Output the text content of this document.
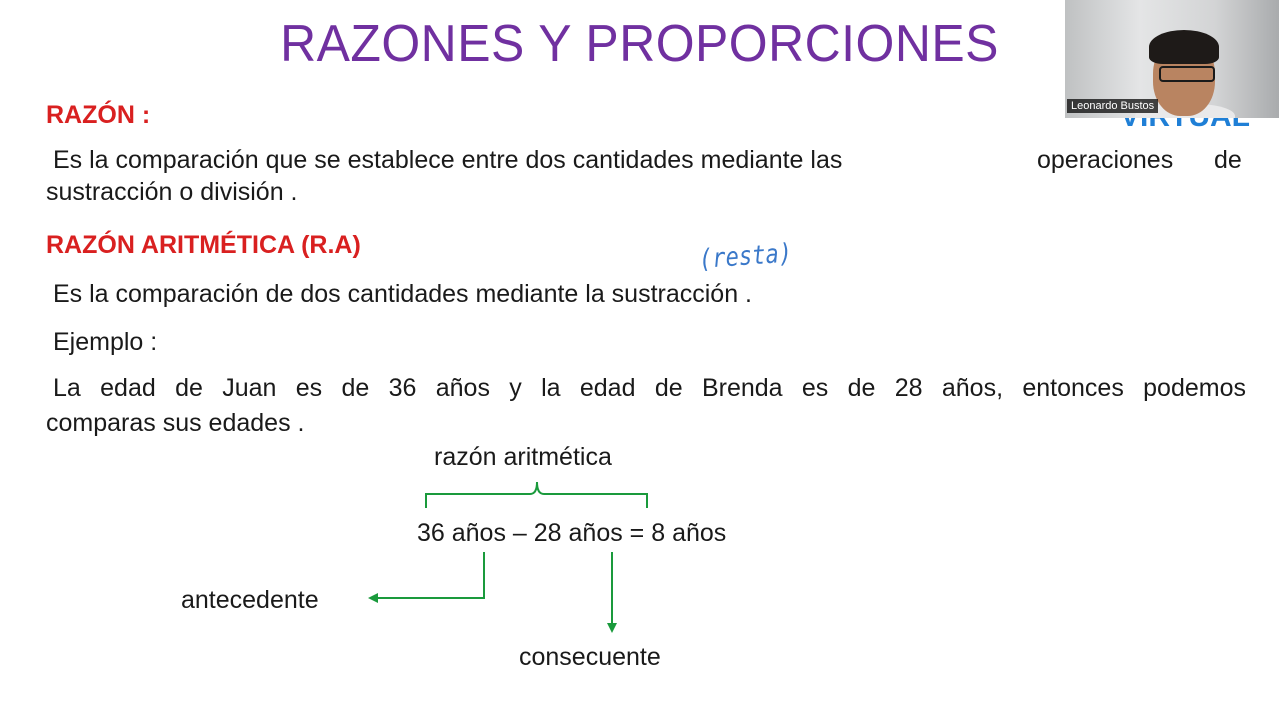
RAZONES Y PROPORCIONES
RAZÓN :
Es la comparación que se establece entre dos cantidades mediante las	operaciones de
sustracción o división .
RAZÓN ARITMÉTICA (R.A)	(resta)
Es la comparación de dos cantidades mediante la sustracción .
Ejemplo :
La edad de Juan es de 36 años y la edad de Brenda es de 28 años, entonces podemos
comparas sus edades .
razón aritmética
36 años – 28 años = 8 años
antecedente
consecuente
Leonardo Bustos
